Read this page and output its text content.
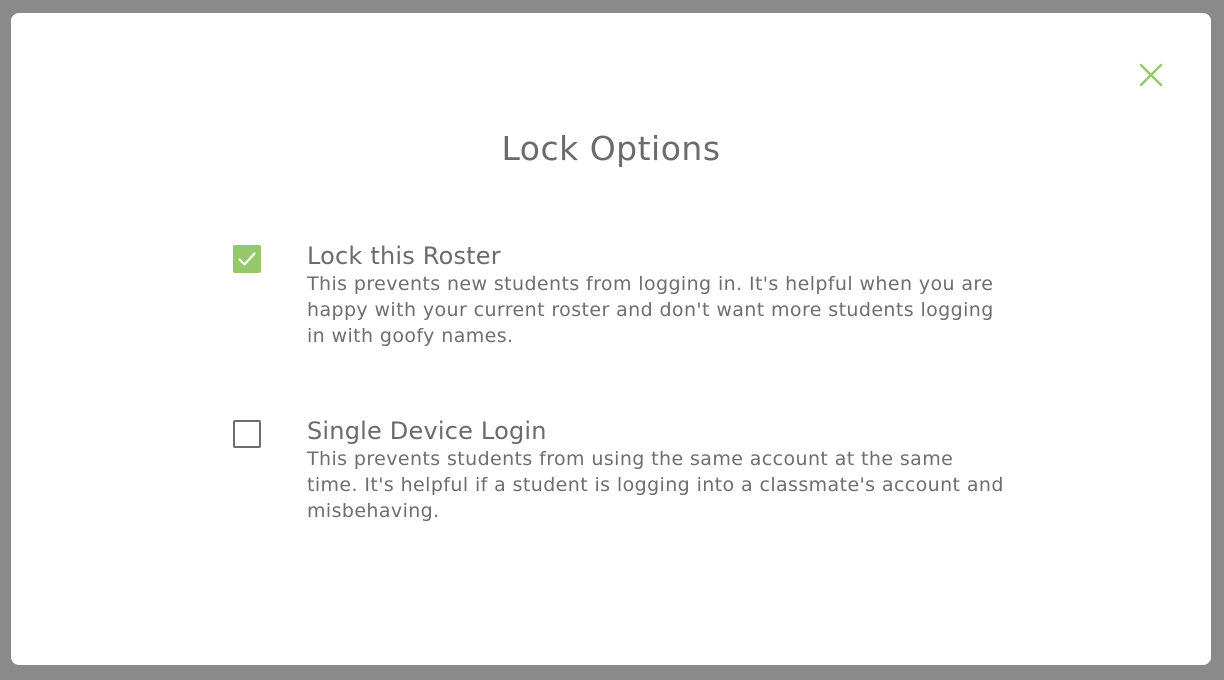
Lock Options
Lock this Roster
This prevents new students from logging in. It's helpful when you are happy with your current roster and don't want more students logging in with goofy names.
Single Device Login
This prevents students from using the same account at the same time. It's helpful if a student is logging into a classmate's account and misbehaving.
